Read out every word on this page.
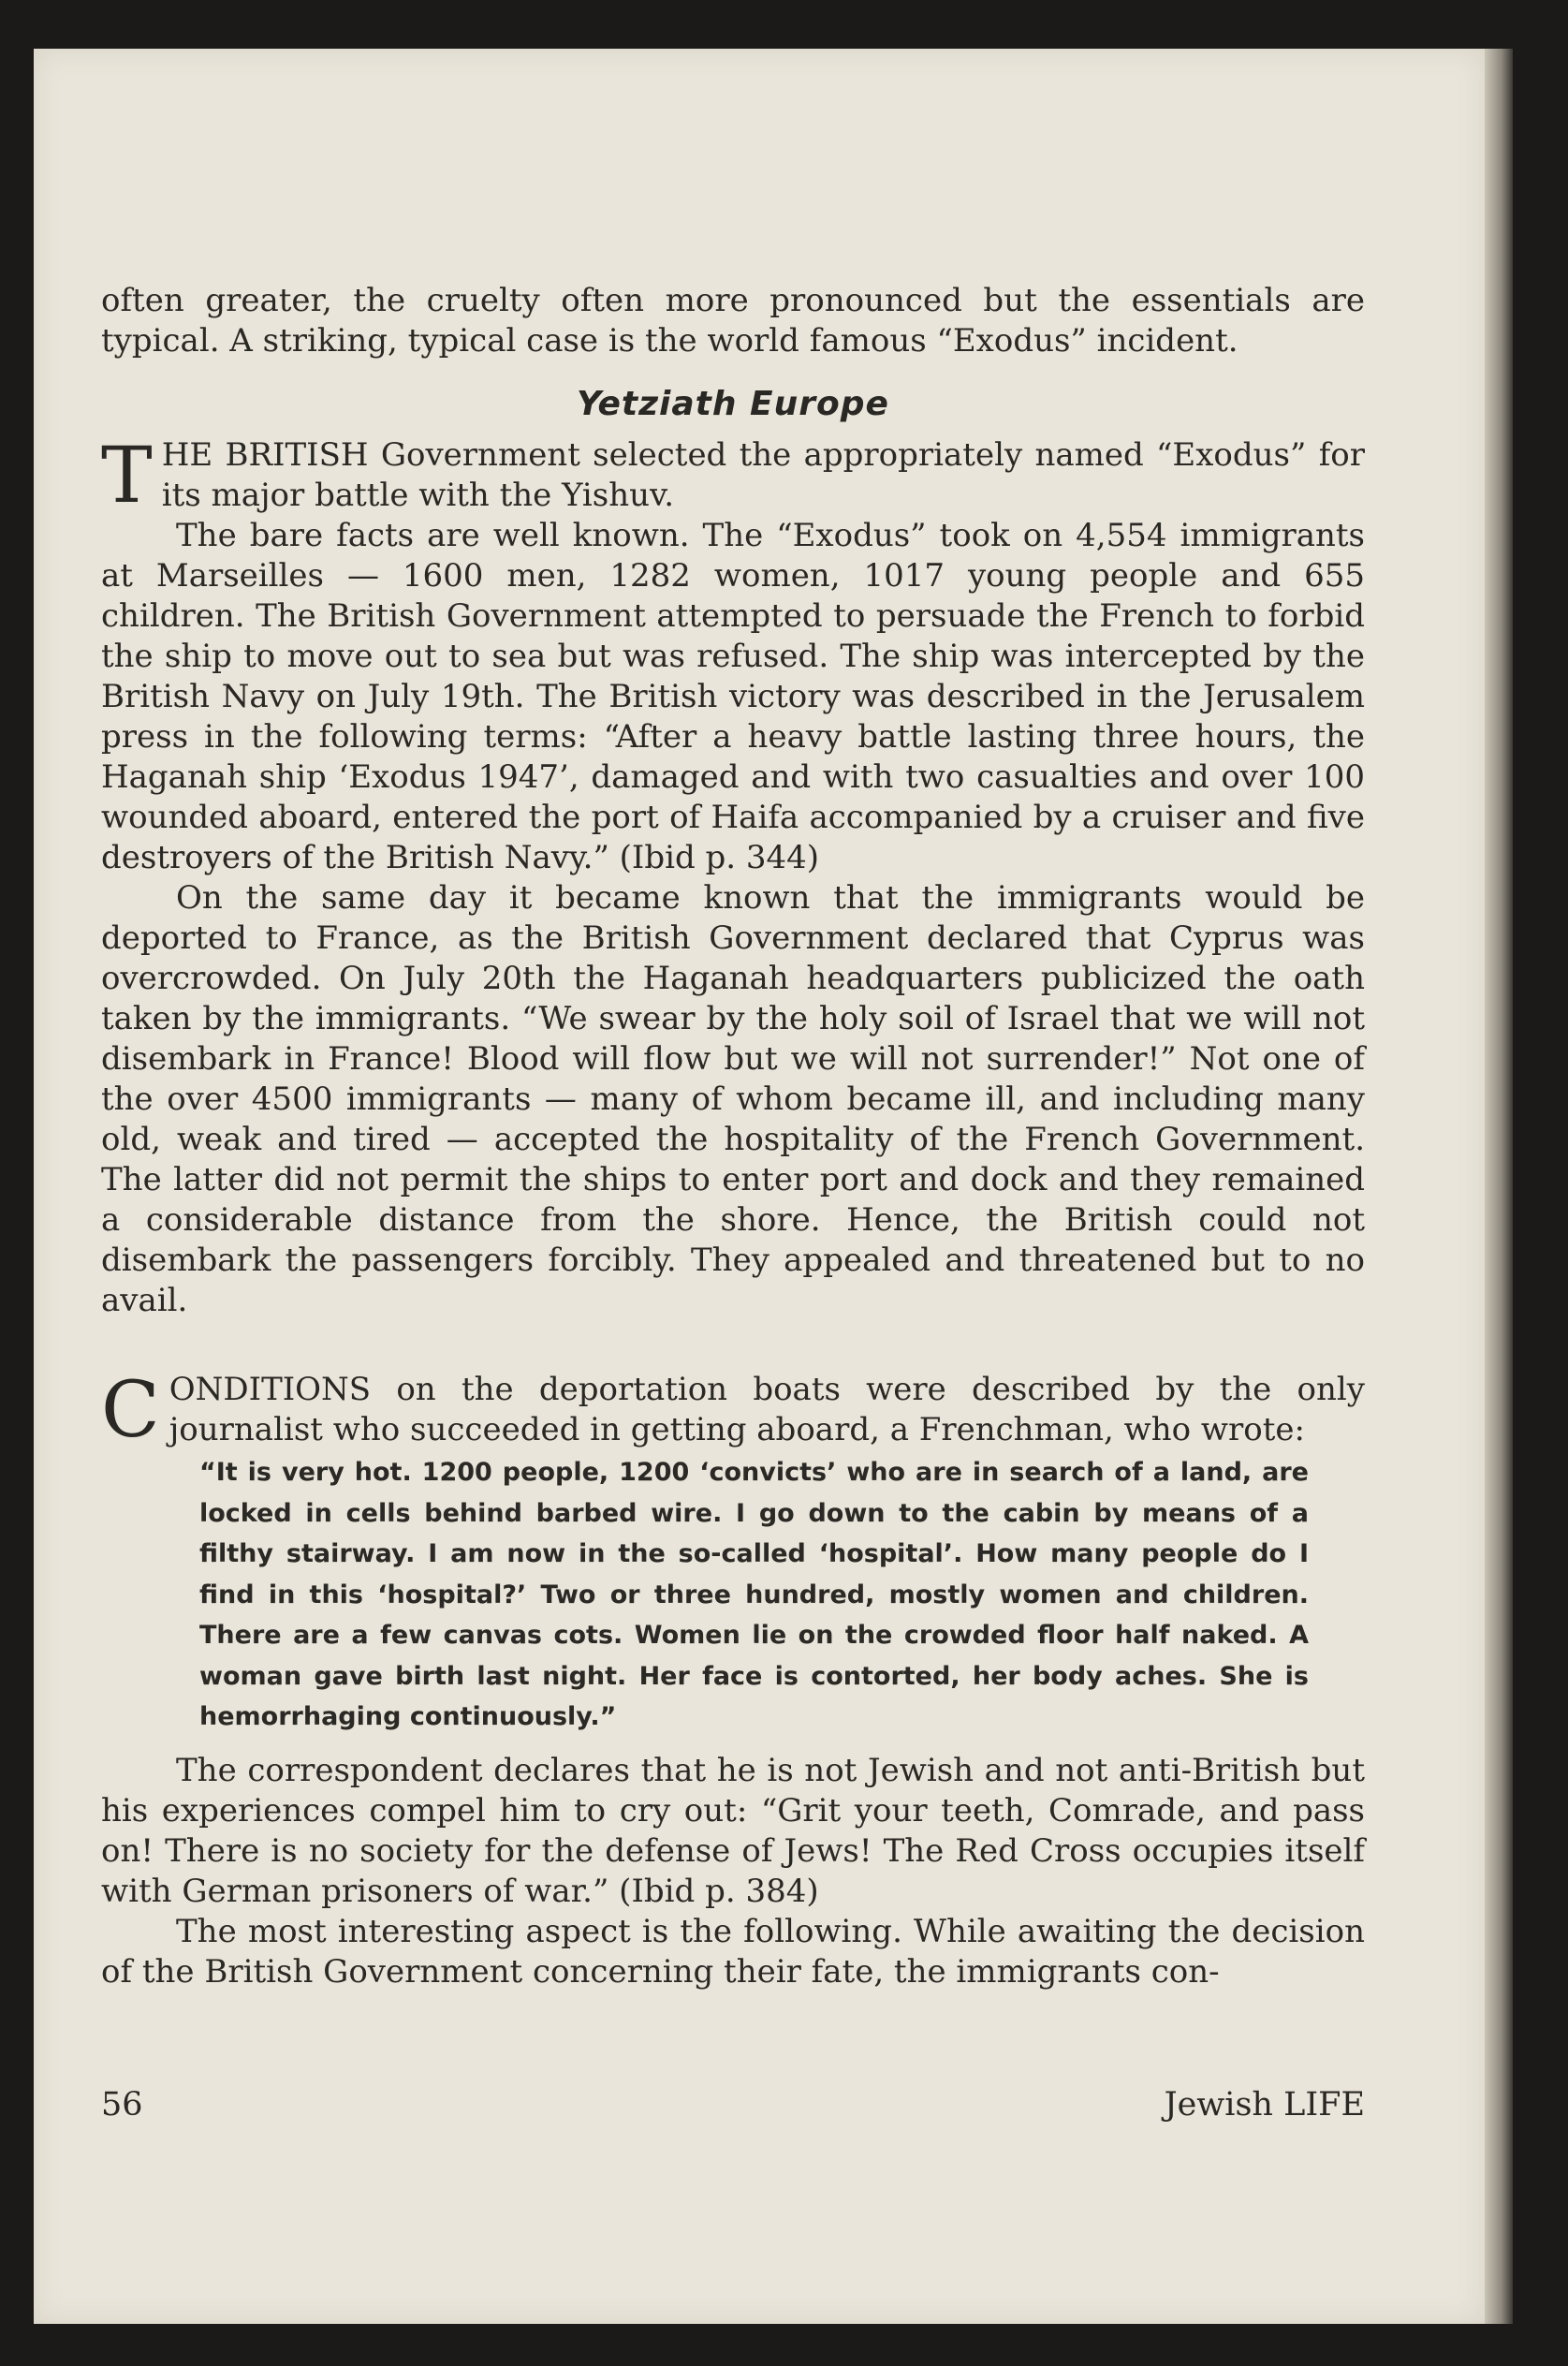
often greater, the cruelty often more pronounced but the essentials are typical. A striking, typical case is the world famous “Exodus” incident.

Yetziath Europe

THE BRITISH Government selected the appropriately named “Exodus” for its major battle with the Yishuv.

The bare facts are well known. The “Exodus” took on 4,554 immigrants at Marseilles — 1600 men, 1282 women, 1017 young people and 655 children. The British Government attempted to persuade the French to forbid the ship to move out to sea but was refused. The ship was intercepted by the British Navy on July 19th. The British victory was described in the Jerusalem press in the following terms: “After a heavy battle lasting three hours, the Haganah ship ‘Exodus 1947’, damaged and with two casualties and over 100 wounded aboard, entered the port of Haifa accompanied by a cruiser and five destroyers of the British Navy.” (Ibid p. 344)

On the same day it became known that the immigrants would be deported to France, as the British Government declared that Cyprus was overcrowded. On July 20th the Haganah headquarters publicized the oath taken by the immigrants. “We swear by the holy soil of Israel that we will not disembark in France! Blood will flow but we will not surrender!” Not one of the over 4500 immigrants — many of whom became ill, and including many old, weak and tired — accepted the hospitality of the French Government. The latter did not permit the ships to enter port and dock and they remained a considerable distance from the shore. Hence, the British could not disembark the passengers forcibly. They appealed and threatened but to no avail.

CONDITIONS on the deportation boats were described by the only journalist who succeeded in getting aboard, a Frenchman, who wrote:

“It is very hot. 1200 people, 1200 ‘convicts’ who are in search of a land, are locked in cells behind barbed wire. I go down to the cabin by means of a filthy stairway. I am now in the so-called ‘hospital’. How many people do I find in this ‘hospital?’ Two or three hundred, mostly women and children. There are a few canvas cots. Women lie on the crowded floor half naked. A woman gave birth last night. Her face is contorted, her body aches. She is hemorrhaging continuously.”

The correspondent declares that he is not Jewish and not anti-British but his experiences compel him to cry out: “Grit your teeth, Comrade, and pass on! There is no society for the defense of Jews! The Red Cross occupies itself with German prisoners of war.” (Ibid p. 384)

The most interesting aspect is the following. While awaiting the decision of the British Government concerning their fate, the immigrants con-

56	Jewish LIFE
